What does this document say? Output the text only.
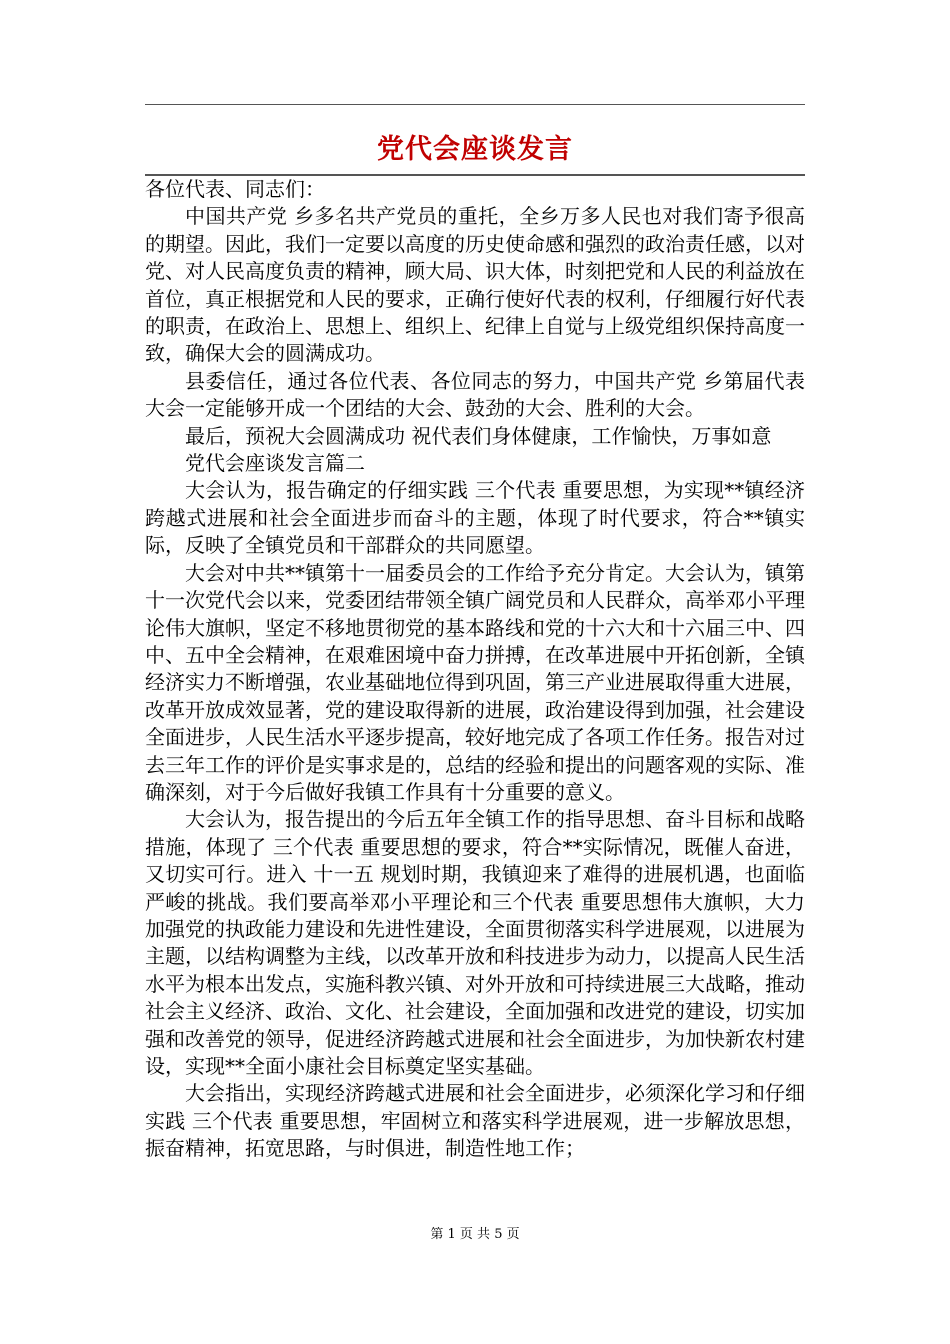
党代会座谈发言

各位代表、同志们：

中国共产党 乡多名共产党员的重托，全乡万多人民也对我们寄予很高的期望。因此，我们一定要以高度的历史使命感和强烈的政治责任感，以对党、对人民高度负责的精神，顾大局、识大体，时刻把党和人民的利益放在首位，真正根据党和人民的要求，正确行使好代表的权利，仔细履行好代表的职责，在政治上、思想上、组织上、纪律上自觉与上级党组织保持高度一致，确保大会的圆满成功。

县委信任，通过各位代表、各位同志的努力，中国共产党 乡第届代表大会一定能够开成一个团结的大会、鼓劲的大会、胜利的大会。

最后，预祝大会圆满成功 祝代表们身体健康，工作愉快，万事如意

党代会座谈发言篇二

大会认为，报告确定的仔细实践 三个代表 重要思想，为实现**镇经济跨越式进展和社会全面进步而奋斗的主题，体现了时代要求，符合**镇实际，反映了全镇党员和干部群众的共同愿望。

大会对中共**镇第十一届委员会的工作给予充分肯定。大会认为，镇第十一次党代会以来，党委团结带领全镇广阔党员和人民群众，高举邓小平理论伟大旗帜，坚定不移地贯彻党的基本路线和党的十六大和十六届三中、四中、五中全会精神，在艰难困境中奋力拼搏，在改革进展中开拓创新，全镇经济实力不断增强，农业基础地位得到巩固，第三产业进展取得重大进展，改革开放成效显著，党的建设取得新的进展，政治建设得到加强，社会建设全面进步，人民生活水平逐步提高，较好地完成了各项工作任务。报告对过去三年工作的评价是实事求是的，总结的经验和提出的问题客观的实际、准确深刻，对于今后做好我镇工作具有十分重要的意义。

大会认为，报告提出的今后五年全镇工作的指导思想、奋斗目标和战略措施，体现了 三个代表 重要思想的要求，符合**实际情况，既催人奋进，又切实可行。进入 十一五 规划时期，我镇迎来了难得的进展机遇，也面临严峻的挑战。我们要高举邓小平理论和三个代表 重要思想伟大旗帜，大力加强党的执政能力建设和先进性建设，全面贯彻落实科学进展观，以进展为主题，以结构调整为主线，以改革开放和科技进步为动力，以提高人民生活水平为根本出发点，实施科教兴镇、对外开放和可持续进展三大战略，推动社会主义经济、政治、文化、社会建设，全面加强和改进党的建设，切实加强和改善党的领导，促进经济跨越式进展和社会全面进步，为加快新农村建设，实现**全面小康社会目标奠定坚实基础。

大会指出，实现经济跨越式进展和社会全面进步，必须深化学习和仔细实践 三个代表 重要思想，牢固树立和落实科学进展观，进一步解放思想，振奋精神，拓宽思路，与时俱进，制造性地工作；

第 1 页 共 5 页
